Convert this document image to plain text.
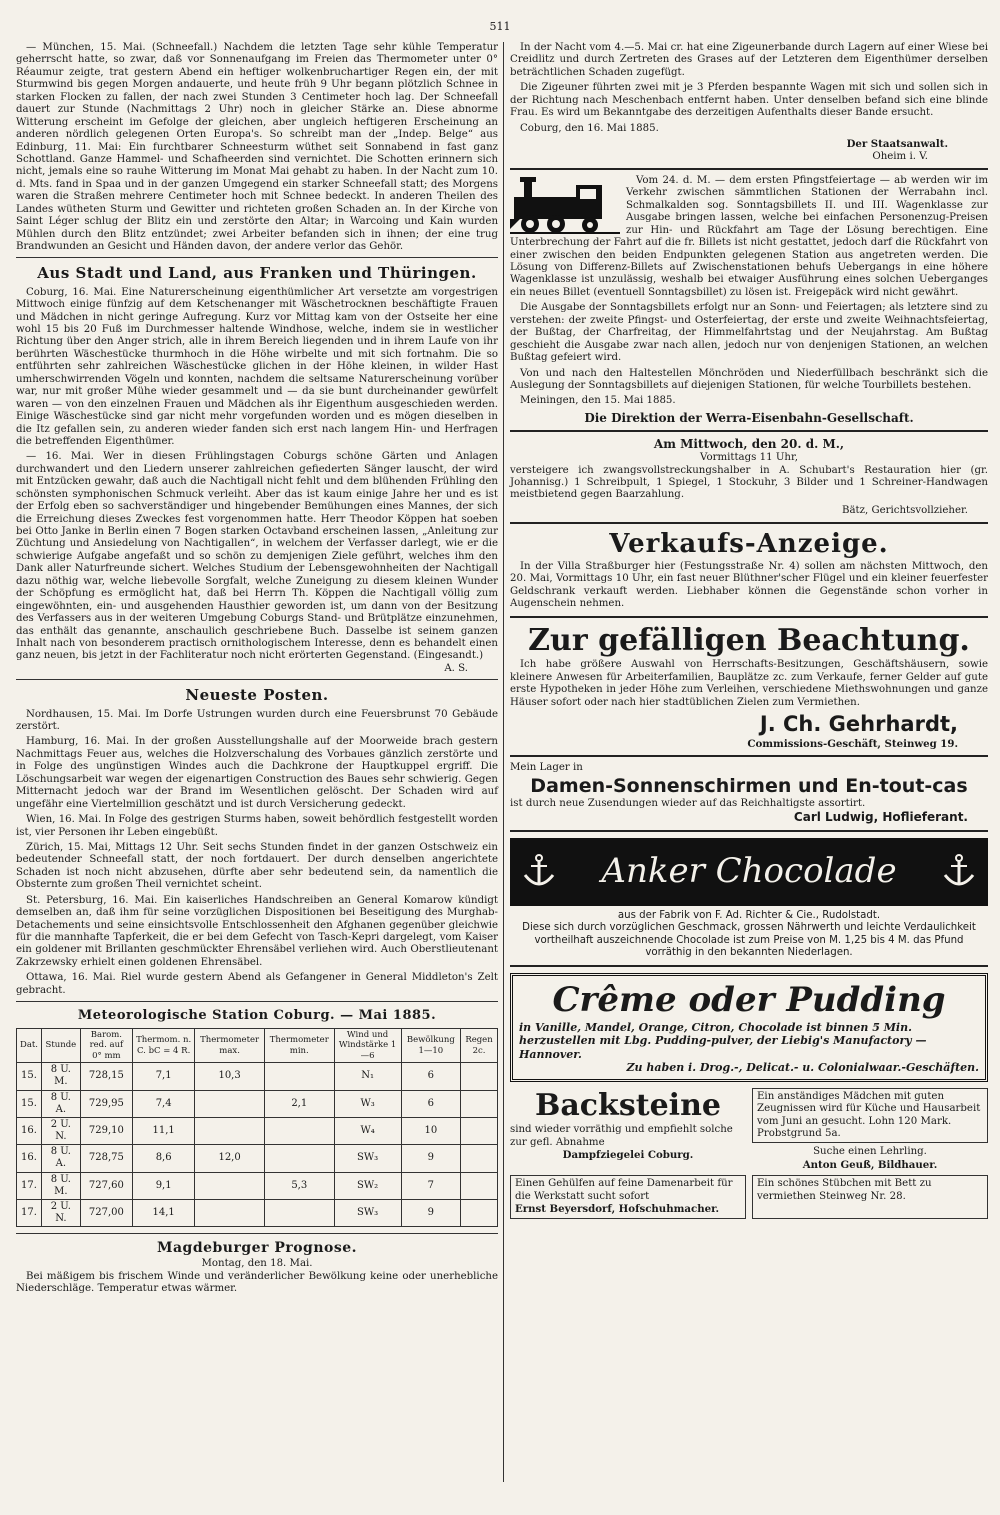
511

— München, 15. Mai. (Schneefall.) Nachdem die letzten Tage sehr kühle Temperatur geherrscht hatte, so zwar, daß vor Sonnenaufgang im Freien das Thermometer unter 0° Réaumur zeigte, trat gestern Abend ein heftiger wolkenbruchartiger Regen ein, der mit Sturmwind bis gegen Morgen andauerte, und heute früh 9 Uhr begann plötzlich Schnee in starken Flocken zu fallen, der nach zwei Stunden 3 Centimeter hoch lag. Der Schneefall dauert zur Stunde (Nachmittags 2 Uhr) noch in gleicher Stärke an. Diese abnorme Witterung erscheint im Gefolge der gleichen, aber ungleich heftigeren Erscheinung an anderen nördlich gelegenen Orten Europa's. So schreibt man der „Indep. Belge“ aus Edinburg, 11. Mai: Ein furchtbarer Schneesturm wüthet seit Sonnabend in fast ganz Schottland. Ganze Hammel- und Schafheerden sind vernichtet. Die Schotten erinnern sich nicht, jemals eine so rauhe Witterung im Monat Mai gehabt zu haben. In der Nacht zum 10. d. Mts. fand in Spaa und in der ganzen Umgegend ein starker Schneefall statt; des Morgens waren die Straßen mehrere Centimeter hoch mit Schnee bedeckt. In anderen Theilen des Landes wütheten Sturm und Gewitter und richteten großen Schaden an. In der Kirche von Saint Léger schlug der Blitz ein und zerstörte den Altar; in Warcoing und Kain wurden Mühlen durch den Blitz entzündet; zwei Arbeiter befanden sich in ihnen; der eine trug Brandwunden an Gesicht und Händen davon, der andere verlor das Gehör.

Aus Stadt und Land, aus Franken und Thüringen.

Coburg, 16. Mai. Eine Naturerscheinung eigenthümlicher Art versetzte am vorgestrigen Mittwoch einige fünfzig auf dem Ketschenanger mit Wäschetrocknen beschäftigte Frauen und Mädchen in nicht geringe Aufregung. Kurz vor Mittag kam von der Ostseite her eine wohl 15 bis 20 Fuß im Durchmesser haltende Windhose, welche, indem sie in westlicher Richtung über den Anger strich, alle in ihrem Bereich liegenden und in ihrem Laufe von ihr berührten Wäschestücke thurmhoch in die Höhe wirbelte und mit sich fortnahm. Die so entführten sehr zahlreichen Wäschestücke glichen in der Höhe kleinen, in wilder Hast umherschwirrenden Vögeln und konnten, nachdem die seltsame Naturerscheinung vorüber war, nur mit großer Mühe wieder gesammelt und — da sie bunt durcheinander gewürfelt waren — von den einzelnen Frauen und Mädchen als ihr Eigenthum ausgeschieden werden. Einige Wäschestücke sind gar nicht mehr vorgefunden worden und es mögen dieselben in die Itz gefallen sein, zu anderen wieder fanden sich erst nach langem Hin- und Herfragen die betreffenden Eigenthümer.

— 16. Mai. Wer in diesen Frühlingstagen Coburgs schöne Gärten und Anlagen durchwandert und den Liedern unserer zahlreichen gefiederten Sänger lauscht, der wird mit Entzücken gewahr, daß auch die Nachtigall nicht fehlt und dem blühenden Frühling den schönsten symphonischen Schmuck verleiht. Aber das ist kaum einige Jahre her und es ist der Erfolg eben so sachverständiger und hingebender Bemühungen eines Mannes, der sich die Erreichung dieses Zweckes fest vorgenommen hatte. Herr Theodor Köppen hat soeben bei Otto Janke in Berlin einen 7 Bogen starken Octavband erscheinen lassen, „Anleitung zur Züchtung und Ansiedelung von Nachtigallen“, in welchem der Verfasser darlegt, wie er die schwierige Aufgabe angefaßt und so schön zu demjenigen Ziele geführt, welches ihm den Dank aller Naturfreunde sichert. Welches Studium der Lebensgewohnheiten der Nachtigall dazu nöthig war, welche liebevolle Sorgfalt, welche Zuneigung zu diesem kleinen Wunder der Schöpfung es ermöglicht hat, daß bei Herrn Th. Köppen die Nachtigall völlig zum eingewöhnten, ein- und ausgehenden Hausthier geworden ist, um dann von der Besitzung des Verfassers aus in der weiteren Umgebung Coburgs Stand- und Brütplätze einzunehmen, das enthält das genannte, anschaulich geschriebene Buch. Dasselbe ist seinem ganzen Inhalt nach von besonderem practisch ornithologischem Interesse, denn es behandelt einen ganz neuen, bis jetzt in der Fachliteratur noch nicht erörterten Gegenstand. (Eingesandt.)

A. S.
Neueste Posten.

Nordhausen, 15. Mai. Im Dorfe Ustrungen wurden durch eine Feuersbrunst 70 Gebäude zerstört.

Hamburg, 16. Mai. In der großen Ausstellungshalle auf der Moorweide brach gestern Nachmittags Feuer aus, welches die Holzverschalung des Vorbaues gänzlich zerstörte und in Folge des ungünstigen Windes auch die Dachkrone der Hauptkuppel ergriff. Die Löschungsarbeit war wegen der eigenartigen Construction des Baues sehr schwierig. Gegen Mitternacht jedoch war der Brand im Wesentlichen gelöscht. Der Schaden wird auf ungefähr eine Viertelmillion geschätzt und ist durch Versicherung gedeckt.

Wien, 16. Mai. In Folge des gestrigen Sturms haben, soweit behördlich festgestellt worden ist, vier Personen ihr Leben eingebüßt.

Zürich, 15. Mai, Mittags 12 Uhr. Seit sechs Stunden findet in der ganzen Ostschweiz ein bedeutender Schneefall statt, der noch fortdauert. Der durch denselben angerichtete Schaden ist noch nicht abzusehen, dürfte aber sehr bedeutend sein, da namentlich die Obsternte zum großen Theil vernichtet scheint.

St. Petersburg, 16. Mai. Ein kaiserliches Handschreiben an General Komarow kündigt demselben an, daß ihm für seine vorzüglichen Dispositionen bei Beseitigung des Murghab-Detachements und seine einsichtsvolle Entschlossenheit den Afghanen gegenüber gleichwie für die mannhafte Tapferkeit, die er bei dem Gefecht von Tasch-Kepri dargelegt, vom Kaiser ein goldener mit Brillanten geschmückter Ehrensäbel verliehen wird. Auch Oberstlieutenant Zakrzewsky erhielt einen goldenen Ehrensäbel.

Ottawa, 16. Mai. Riel wurde gestern Abend als Gefangener in General Middleton's Zelt gebracht.

Meteorologische Station Coburg. — Mai 1885.
Dat.	Stunde	Barom. red. auf 0° mm	Thermom. n. C. bC = 4 R.	Thermometer max.	Thermometer min.	Wind und Windstärke 1—6	Bewölkung 1—10	Regen 2c.
15.	8 U. M.	728,15	7,1	10,3		N₁	6	
15.	8 U. A.	729,95	7,4		2,1	W₃	6	
16.	2 U. N.	729,10	11,1			W₄	10	
16.	8 U. A.	728,75	8,6	12,0		SW₃	9	
17.	8 U. M.	727,60	9,1		5,3	SW₂	7	
17.	2 U. N.	727,00	14,1			SW₃	9	
Magdeburger Prognose.
Montag, den 18. Mai.

Bei mäßigem bis frischem Winde und veränderlicher Bewölkung keine oder unerhebliche Niederschläge. Temperatur etwas wärmer.

In der Nacht vom 4.—5. Mai cr. hat eine Zigeunerbande durch Lagern auf einer Wiese bei Creidlitz und durch Zertreten des Grases auf der Letzteren dem Eigenthümer derselben beträchtlichen Schaden zugefügt.

Die Zigeuner führten zwei mit je 3 Pferden bespannte Wagen mit sich und sollen sich in der Richtung nach Meschenbach entfernt haben. Unter denselben befand sich eine blinde Frau. Es wird um Bekanntgabe des derzeitigen Aufenthalts dieser Bande ersucht.

Coburg, den 16. Mai 1885.

Der Staatsanwalt.
Oheim i. V.

Vom 24. d. M. — dem ersten Pfingstfeiertage — ab werden wir im Verkehr zwischen sämmtlichen Stationen der Werrabahn incl. Schmalkalden sog. Sonntagsbillets II. und III. Wagenklasse zur Ausgabe bringen lassen, welche bei einfachen Personenzug-Preisen zur Hin- und Rückfahrt am Tage der Lösung berechtigen. Eine Unterbrechung der Fahrt auf die fr. Billets ist nicht gestattet, jedoch darf die Rückfahrt von einer zwischen den beiden Endpunkten gelegenen Station aus angetreten werden. Die Lösung von Differenz-Billets auf Zwischenstationen behufs Uebergangs in eine höhere Wagenklasse ist unzulässig, weshalb bei etwaiger Ausführung eines solchen Ueberganges ein neues Billet (eventuell Sonntagsbillet) zu lösen ist. Freigepäck wird nicht gewährt.

Die Ausgabe der Sonntagsbillets erfolgt nur an Sonn- und Feiertagen; als letztere sind zu verstehen: der zweite Pfingst- und Osterfeiertag, der erste und zweite Weihnachtsfeiertag, der Bußtag, der Charfreitag, der Himmelfahrtstag und der Neujahrstag. Am Bußtag geschieht die Ausgabe zwar nach allen, jedoch nur von denjenigen Stationen, an welchen Bußtag gefeiert wird.

Von und nach den Haltestellen Mönchröden und Niederfüllbach beschränkt sich die Auslegung der Sonntagsbillets auf diejenigen Stationen, für welche Tourbillets bestehen.

Meiningen, den 15. Mai 1885.

Die Direktion der Werra-Eisenbahn-Gesellschaft.
Am Mittwoch, den 20. d. M.,
Vormittags 11 Uhr,

versteigere ich zwangsvollstreckungshalber in A. Schubart's Restauration hier (gr. Johannisg.) 1 Schreibpult, 1 Spiegel, 1 Stockuhr, 3 Bilder und 1 Schreiner-Handwagen meistbietend gegen Baarzahlung.

Bätz, Gerichtsvollzieher.
Verkaufs-Anzeige.

In der Villa Straßburger hier (Festungsstraße Nr. 4) sollen am nächsten Mittwoch, den 20. Mai, Vormittags 10 Uhr, ein fast neuer Blüthner'scher Flügel und ein kleiner feuerfester Geldschrank verkauft werden. Liebhaber können die Gegenstände schon vorher in Augenschein nehmen.

Zur gefälligen Beachtung.

Ich habe größere Auswahl von Herrschafts-Besitzungen, Geschäftshäusern, sowie kleinere Anwesen für Arbeiterfamilien, Bauplätze zc. zum Verkaufe, ferner Gelder auf gute erste Hypotheken in jeder Höhe zum Verleihen, verschiedene Miethswohnungen und ganze Häuser sofort oder nach hier stadtüblichen Zielen zum Vermiethen.

J. Ch. Gehrhardt,
Commissions-Geschäft, Steinweg 19.
Mein Lager in
Damen-Sonnenschirmen und En-tout-cas
ist durch neue Zusendungen wieder auf das Reichhaltigste assortirt.
Carl Ludwig, Hoflieferant.
Anker Chocolade
aus der Fabrik von F. Ad. Richter & Cie., Rudolstadt.
Diese sich durch vorzüglichen Geschmack, grossen Nährwerth und leichte Verdaulichkeit vortheilhaft auszeichnende Chocolade ist zum Preise von M. 1,25 bis 4 M. das Pfund vorräthig in den bekannten Niederlagen.
Crême oder Pudding
in Vanille, Mandel, Orange, Citron, Chocolade ist binnen 5 Min. herzustellen mit Lbg. Pudding-pulver, der Liebig's Manufactory — Hannover.
Zu haben i. Drog.-, Delicat.- u. Colonialwaar.-Geschäften.
Backsteine
sind wieder vorräthig und empfiehlt solche zur gefl. Abnahme
Dampfziegelei Coburg.
Ein anständiges Mädchen mit guten Zeugnissen wird für Küche und Hausarbeit vom Juni an gesucht. Lohn 120 Mark. Probstgrund 5a.
Suche einen Lehrling.
Anton Geuß, Bildhauer.
Einen Gehülfen auf feine Damenarbeit für die Werkstatt sucht sofort
Ernst Beyersdorf, Hofschuhmacher.
Ein schönes Stübchen mit Bett zu vermiethen Steinweg Nr. 28.
